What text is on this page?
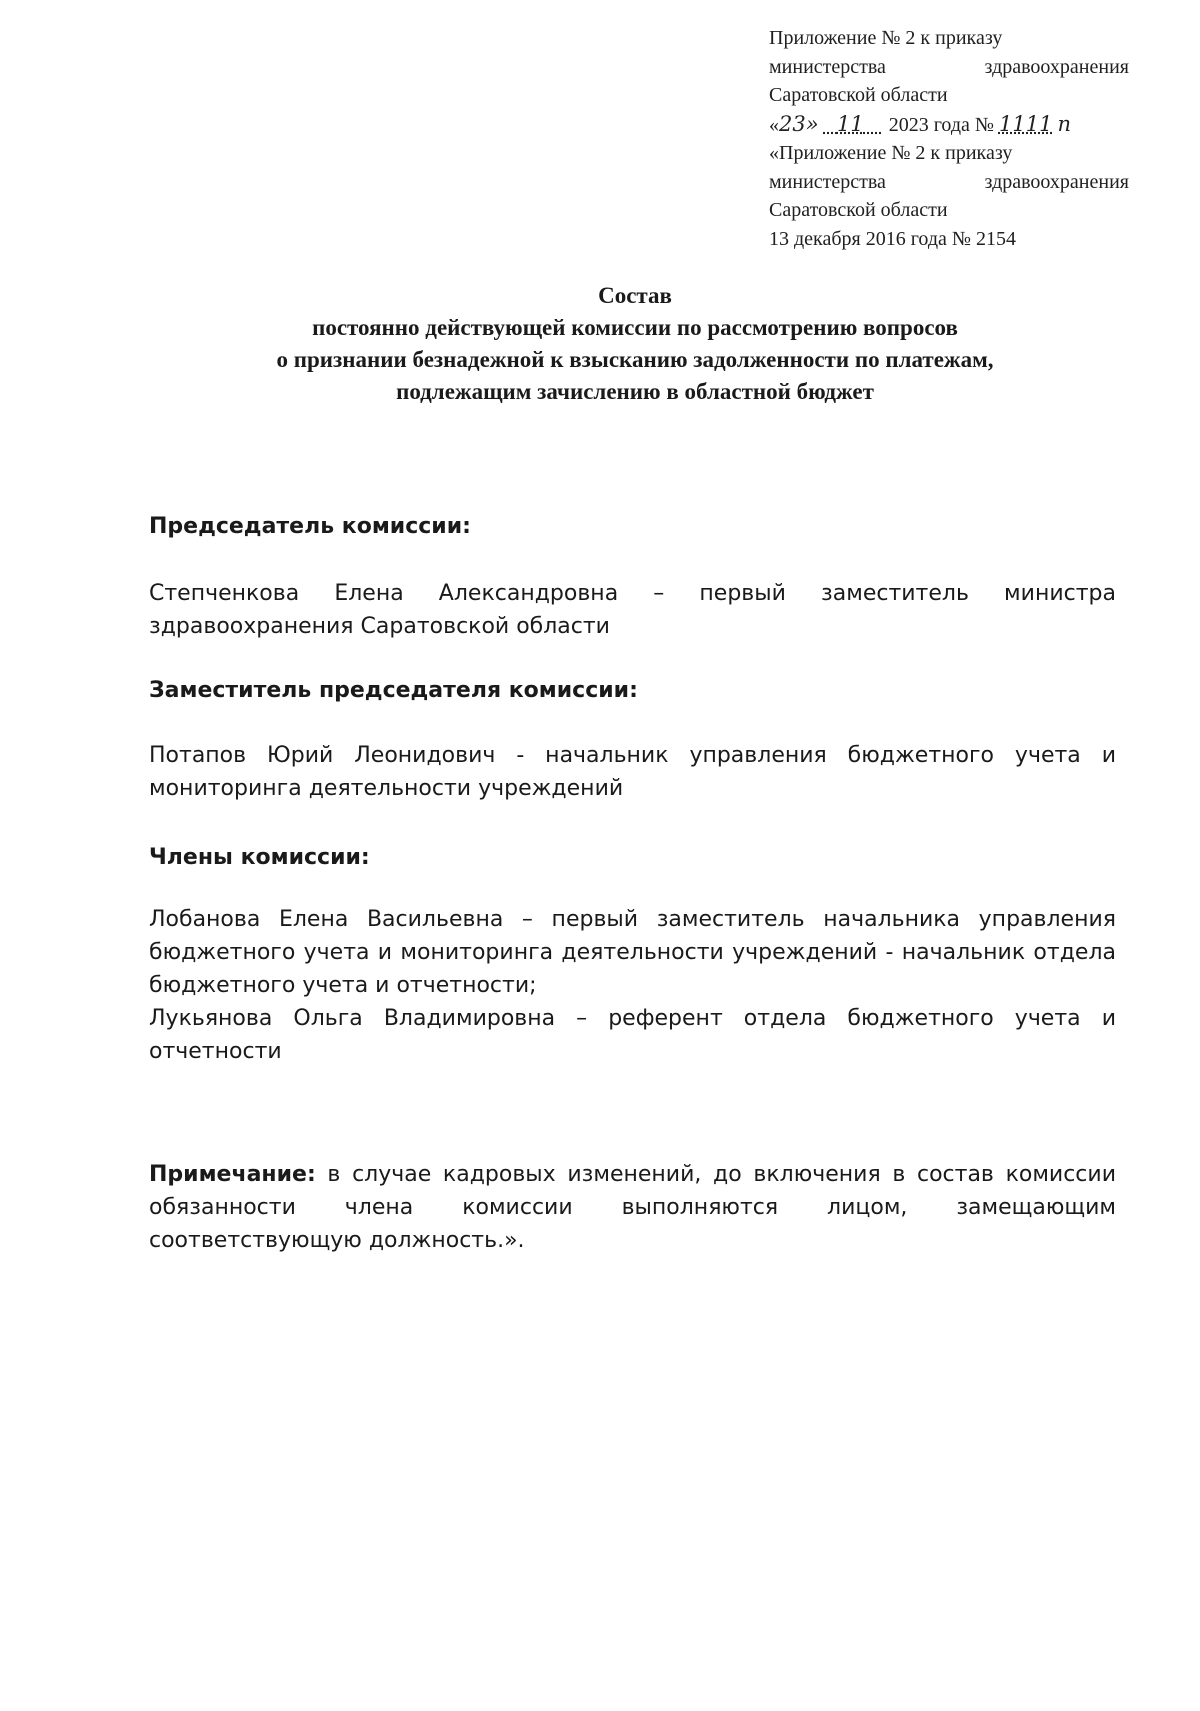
Приложение № 2 к приказу
министерства	здравоохранения
Саратовской области
«23» 11 2023 года № 1111 п
«Приложение № 2 к приказу
министерства	здравоохранения
Саратовской области
13 декабря 2016 года № 2154
Состав
постоянно действующей комиссии по рассмотрению вопросов
о признании безнадежной к взысканию задолженности по платежам,
подлежащим зачислению в областной бюджет
Председатель комиссии:
Степченкова Елена Александровна – первый заместитель министра здравоохранения Саратовской области
Заместитель председателя комиссии:
Потапов Юрий Леонидович - начальник управления бюджетного учета и мониторинга деятельности учреждений
Члены комиссии:
Лобанова Елена Васильевна – первый заместитель начальника управления бюджетного учета и мониторинга деятельности учреждений - начальник отдела бюджетного учета и отчетности;
Лукьянова Ольга Владимировна – референт отдела бюджетного учета и отчетности
Примечание: в случае кадровых изменений, до включения в состав комиссии обязанности члена комиссии выполняются лицом, замещающим соответствующую должность.».
